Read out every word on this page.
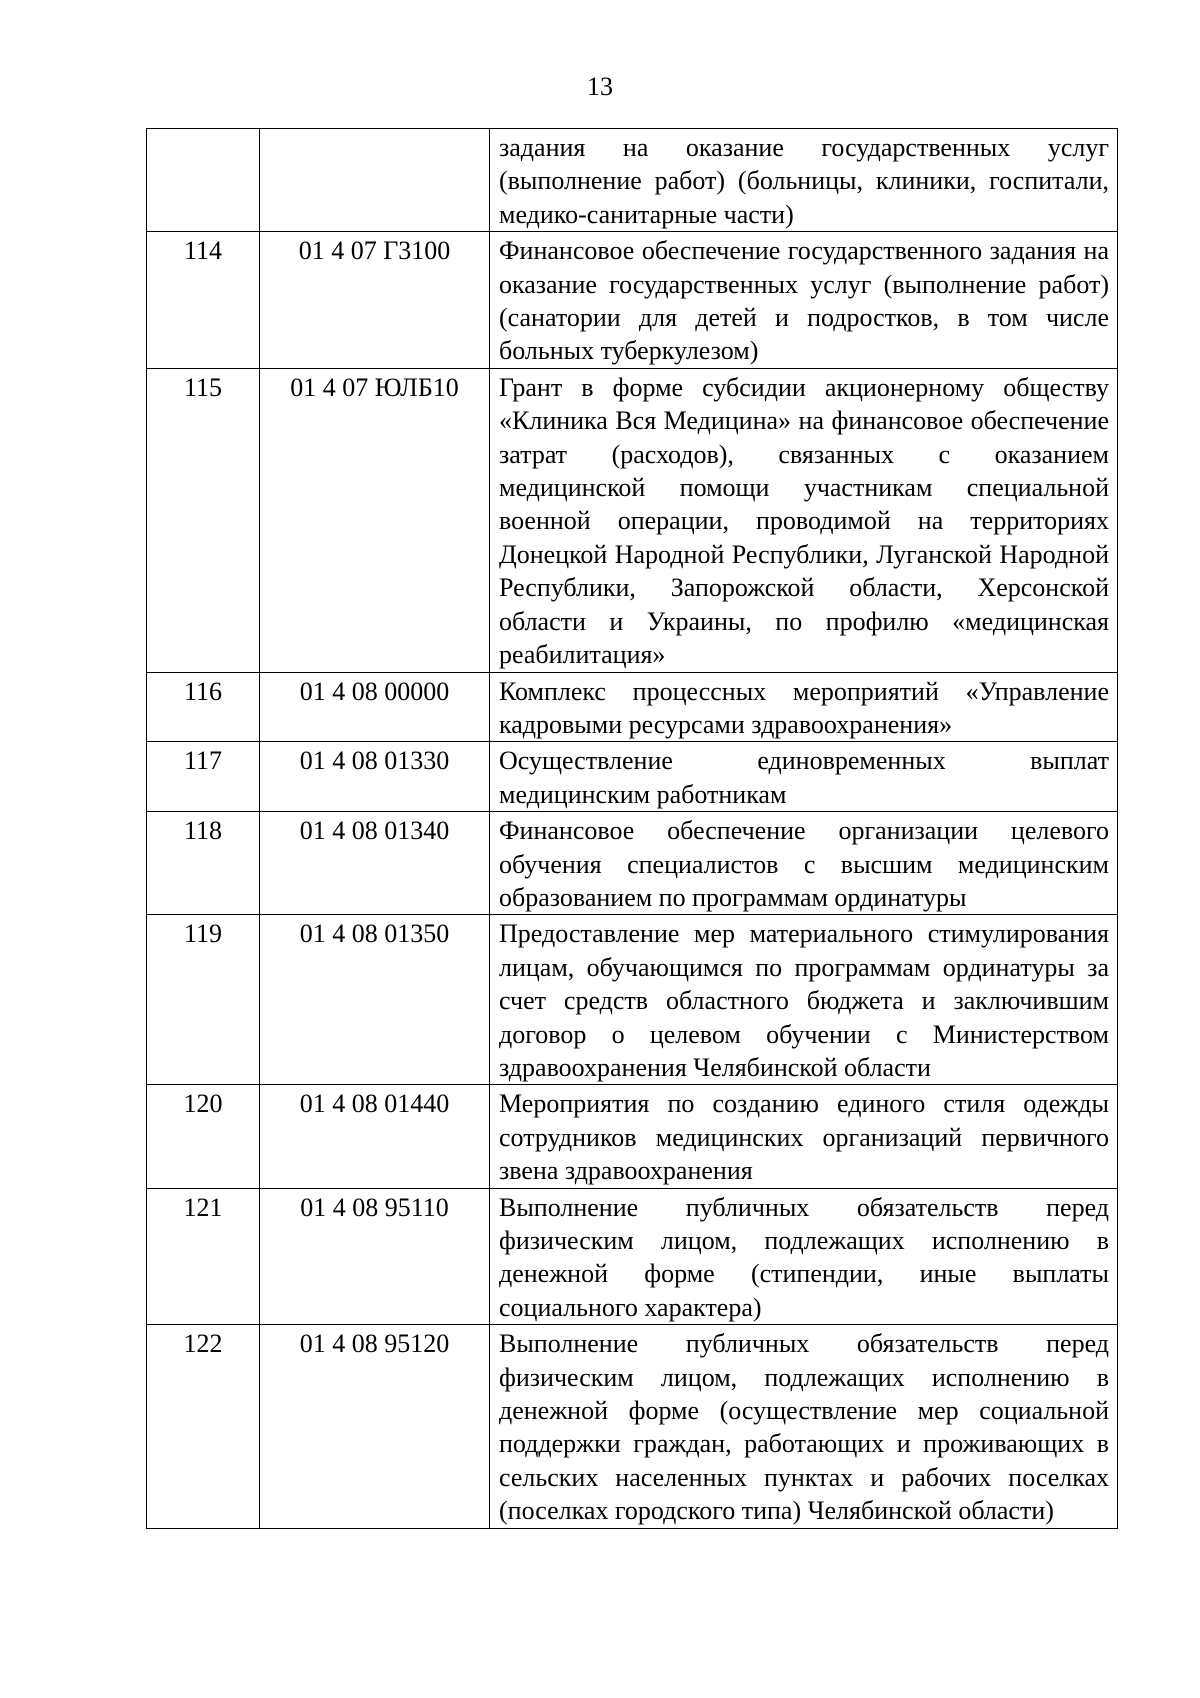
13
		задания на оказание государственных услуг (выполнение работ) (больницы, клиники, госпитали, медико-санитарные части)
114	01 4 07 Г3100	Финансовое обеспечение государственного задания на оказание государственных услуг (выполнение работ) (санатории для детей и подростков, в том числе больных туберкулезом)
115	01 4 07 ЮЛБ10	Грант в форме субсидии акционерному обществу «Клиника Вся Медицина» на финансовое обеспечение затрат (расходов), связанных с оказанием медицинской помощи участникам специальной военной операции, проводимой на территориях Донецкой Народной Республики, Луганской Народной Республики, Запорожской области, Херсонской области и Украины, по профилю «медицинская реабилитация»
116	01 4 08 00000	Комплекс процессных мероприятий «Управление кадровыми ресурсами здравоохранения»
117	01 4 08 01330	Осуществление единовременных выплат медицинским работникам
118	01 4 08 01340	Финансовое обеспечение организации целевого обучения специалистов с высшим медицинским образованием по программам ординатуры
119	01 4 08 01350	Предоставление мер материального стимулирования лицам, обучающимся по программам ординатуры за счет средств областного бюджета и заключившим договор о целевом обучении с Министерством здравоохранения Челябинской области
120	01 4 08 01440	Мероприятия по созданию единого стиля одежды сотрудников медицинских организаций первичного звена здравоохранения
121	01 4 08 95110	Выполнение публичных обязательств перед физическим лицом, подлежащих исполнению в денежной форме (стипендии, иные выплаты социального характера)
122	01 4 08 95120	Выполнение публичных обязательств перед физическим лицом, подлежащих исполнению в денежной форме (осуществление мер социальной поддержки граждан, работающих и проживающих в сельских населенных пунктах и рабочих поселках (поселках городского типа) Челябинской области)
